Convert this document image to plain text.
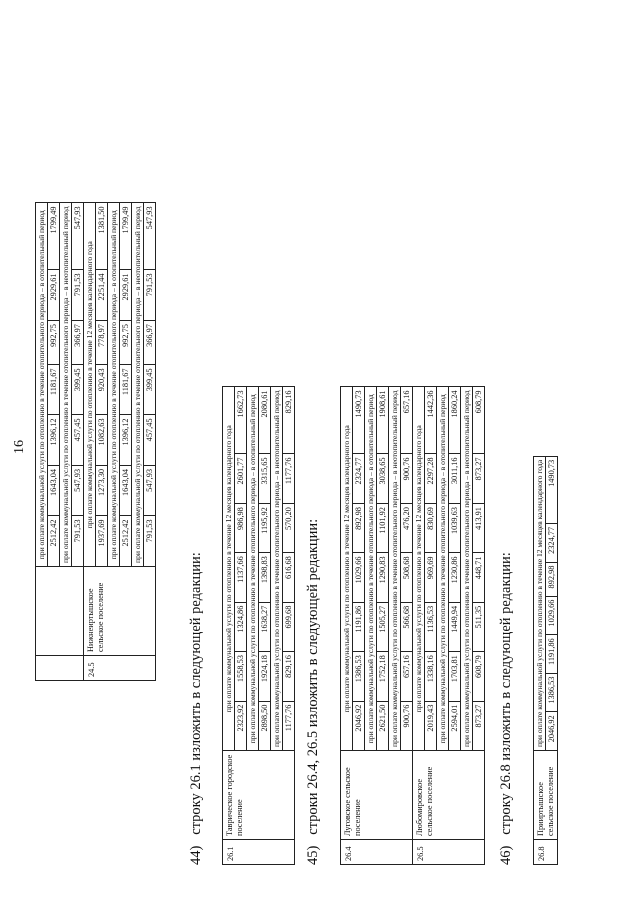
16
		при оплате коммунальной услуги по отоплению в течение отопительного периода – в отопительный период						
		2512,42	1643,04	1396,12	1181,67	992,75	2929,61	1799,49
		при оплате коммунальной услуги по отоплению в течение отопительного периода – в неотопительный период						
		791,53	547,93	457,45	399,45	366,97	791,53	547,93
24.5	Нижнеиртышское сельское поселение	при оплате коммунальной услуги по отоплению в течение 12 месяцев календарного года						
		1937,69	1273,30	1082,63	920,43	778,97	2251,44	1381,50
		при оплате коммунальной услуги по отоплению в течение отопительного периода – в отопительный период						
		2512,42	1643,04	1396,12	1181,67	992,75	2929,61	1799,49
		при оплате коммунальной услуги по отоплению в течение отопительного периода – в неотопительный период						
		791,53	547,93	457,45	399,45	366,97	791,53	547,93
44)   строку 26.1 изложить в следующей редакции:	26.1	Таврическое городское поселение	при оплате коммунальной услуги по отоплению в течение 12 месяцев календарного года						
		2323,92	1558,53	1324,86	1137,66	986,98	2601,77	1662,73
		при оплате коммунальной услуги по отоплению в течение отопительного периода – в отопительный период						
		2898,50	1924,18	1638,27	1398,83	1195,92	3315,65	2080,61
		при оплате коммунальной услуги по отоплению в течение отопительного периода – в неотопительный период						
		1177,76	829,16	699,68	616,68	570,20	1177,76	829,16
45)   строки 26.4, 26.5 изложить в следующей редакции:	26.4	Луговское сельское поселение	при оплате коммунальной услуги по отоплению в течение 12 месяцев календарного года						
		2046,92	1386,53	1191,86	1029,66	892,98	2324,77	1490,73
		при оплате коммунальной услуги по отоплению в течение отопительного периода – в отопительный период						
		2621,50	1752,18	1505,27	1290,83	1101,92	3038,65	1908,61
		при оплате коммунальной услуги по отоплению в течение отопительного периода – в неотопительный период						
		900,76	657,16	566,68	508,68	476,20	900,76	657,16
26.5	Любомировское сельское поселение	при оплате коммунальной услуги по отоплению в течение 12 месяцев календарного года						
		2019,43	1338,16	1136,53	969,69	830,69	2297,28	1442,36
		при оплате коммунальной услуги по отоплению в течение отопительного периода – в отопительный период						
		2594,01	1703,81	1449,94	1230,86	1039,63	3011,16	1860,24
		при оплате коммунальной услуги по отоплению в течение отопительного периода – в неотопительный период						
		873,27	608,79	511,35	448,71	413,91	873,27	608,79
46)   строку 26.8 изложить в следующей редакции:	26.8	Прииртышское сельское поселение	при оплате коммунальной услуги по отоплению в течение 12 месяцев календарного года						
		2046,92	1386,53	1191,86	1029,66	892,98	2324,77	1490,73
